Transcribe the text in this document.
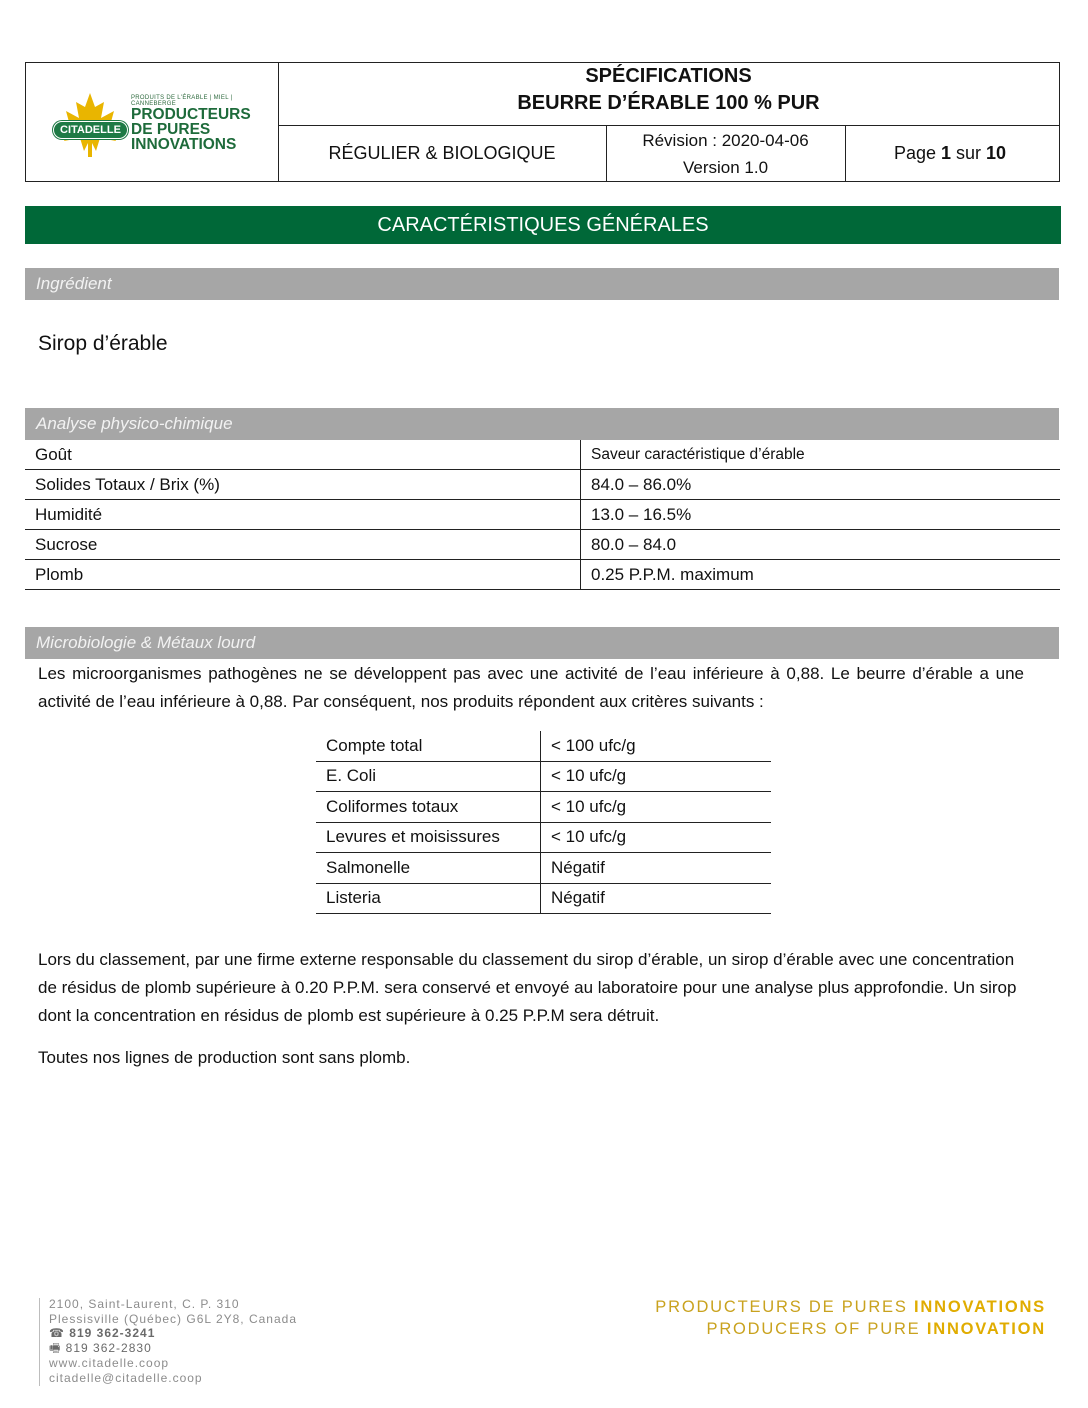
CITADELLE
PRODUITS DE L'ÉRABLE | MIEL | CANNEBERGE
PRODUCTEURS
DE PURES
INNOVATIONS
SPÉCIFICATIONS
BEURRE D’ÉRABLE 100 % PUR
RÉGULIER & BIOLOGIQUE
Révision : 2020-04-06
Version 1.0
Page 1 sur 10
CARACTÉRISTIQUES GÉNÉRALES
Ingrédient
Sirop d’érable
Analyse physico-chimique
Goût	Saveur caractéristique d’érable
Solides Totaux / Brix (%)	84.0 – 86.0%
Humidité	13.0 – 16.5%
Sucrose	80.0 – 84.0
Plomb	0.25 P.P.M. maximum
Microbiologie & Métaux lourd
Les microorganismes pathogènes ne se développent pas avec une activité de l’eau inférieure à 0,88. Le beurre d’érable a une activité de l’eau inférieure à 0,88. Par conséquent, nos produits répondent aux critères suivants :
Compte total	< 100 ufc/g
E. Coli	< 10 ufc/g
Coliformes totaux	< 10 ufc/g
Levures et moisissures	< 10 ufc/g
Salmonelle	Négatif
Listeria	Négatif
Lors du classement, par une firme externe responsable du classement du sirop d’érable, un sirop d’érable avec une concentration de résidus de plomb supérieure à 0.20 P.P.M. sera conservé et envoyé au laboratoire pour une analyse plus approfondie. Un sirop dont la concentration en résidus de plomb est supérieure à 0.25 P.P.M sera détruit.
Toutes nos lignes de production sont sans plomb.
2100, Saint-Laurent, C. P. 310
Plessisville (Québec) G6L 2Y8, Canada
☎ 819 362-3241
🖷 819 362-2830
www.citadelle.coop
citadelle@citadelle.coop
PRODUCTEURS DE PURES INNOVATIONS
PRODUCERS OF PURE INNOVATION
